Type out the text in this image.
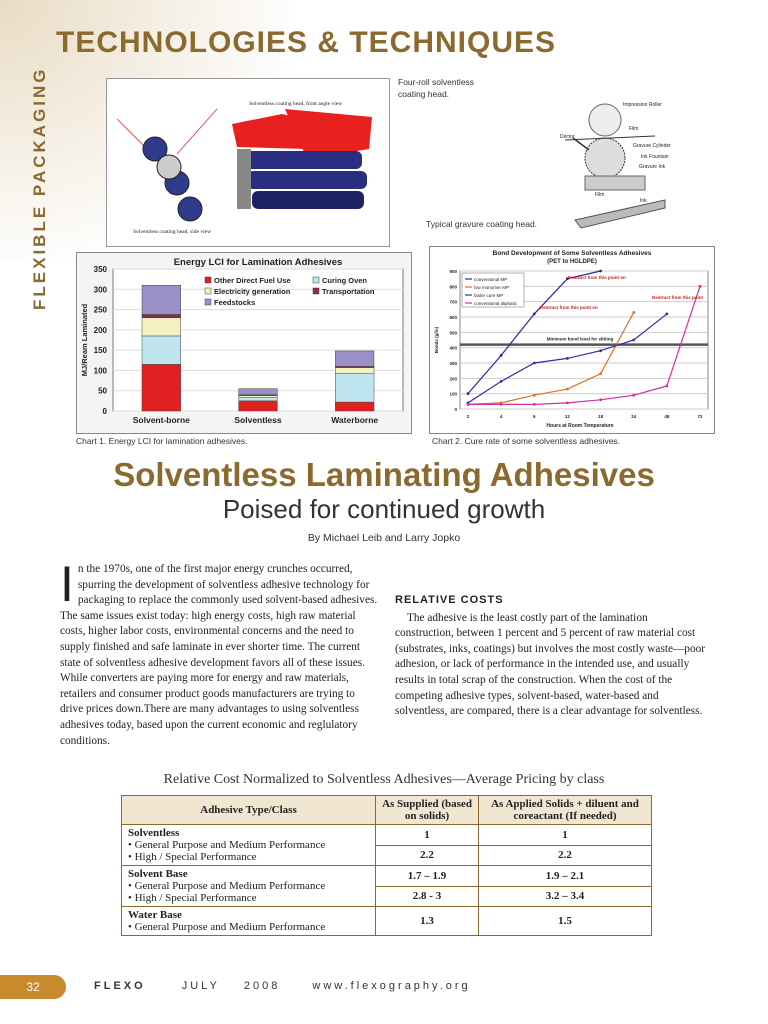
FLEXIBLE PACKAGING
TECHNOLOGIES & TECHNIQUES
Solventless coating head, front angle view
Solventless coating head, side view
Four-roll solventless coating head.
Impression Roller
Film
Doctor
Gravure Cylinder
Ink Fountain
Gravure Ink
Film
Ink
Typical gravure coating head.
0
50
100
150
200
250
300
350
Energy LCI for Lamination Adhesives
MJ/Ream Laminated
Solvent-borne	Solventless	Waterborne
Other Direct Fuel Use	Curing Oven
Electricity generation	Transportation
Feedstocks
Chart 1. Energy LCI for lamination adhesives.
Bond Development of Some Solventless Adhesives
(PET to HGLDPE)
0
100
200
300
400
500
600
700
800
900
2	4	6	12	18	24	48	72
Hours at Room Temperature
Bonds (g/in)	Minimum bond level for slitting
conventional MP
low monomer MP
faster cure MP
conventional aliphatic
Destruct from this point on
Destruct from this point
Destruct from this point on
Chart 2. Cure rate of some solventless adhesives.
Solventless Laminating Adhesives
Poised for continued growth
By Michael Leib and Larry Jopko
I n the 1970s, one of the first major energy crunches occurred, spurring the development of solventless adhesive technology for packaging to replace the commonly used solvent-based adhesives. The same issues exist today: high energy costs, high raw material costs, higher labor costs, environmental concerns and the need to supply finished and safe laminate in ever shorter time. The current state of solventless adhesive development favors all of these issues. While converters are paying more for energy and raw materials, retailers and consumer product goods manufacturers are trying to drive prices down.There are many advantages to using solventless adhesives today, based upon the current economic and reglulatory conditions.
RELATIVE COSTS
The adhesive is the least costly part of the lamination construction, between 1 percent and 5 percent of raw material cost (substrates, inks, coatings) but involves the most costly waste—poor adhesion, or lack of performance in the intended use, and usually results in total scrap of the construction. When the cost of the competing adhesive types, solvent-based, water-based and solventless, are compared, there is a clear advantage for solventless.
Relative Cost Normalized to Solventless Adhesives—Average Pricing by class
Adhesive Type/Class	As Supplied (based on solids)	As Applied Solids + diluent and coreactant (If needed)

Solventless
• General Purpose and Medium Performance
• High / Special Performance	1	1
	2.2	2.2

Solvent Base
• General Purpose and Medium Performance
• High / Special Performance	1.7 – 1.9	1.9 – 2.1
	2.8 - 3	3.2 – 3.4

Water Base
• General Purpose and Medium Performance	1.3	1.5
32	FLEXO	JULY    2008	www.flexography.org
